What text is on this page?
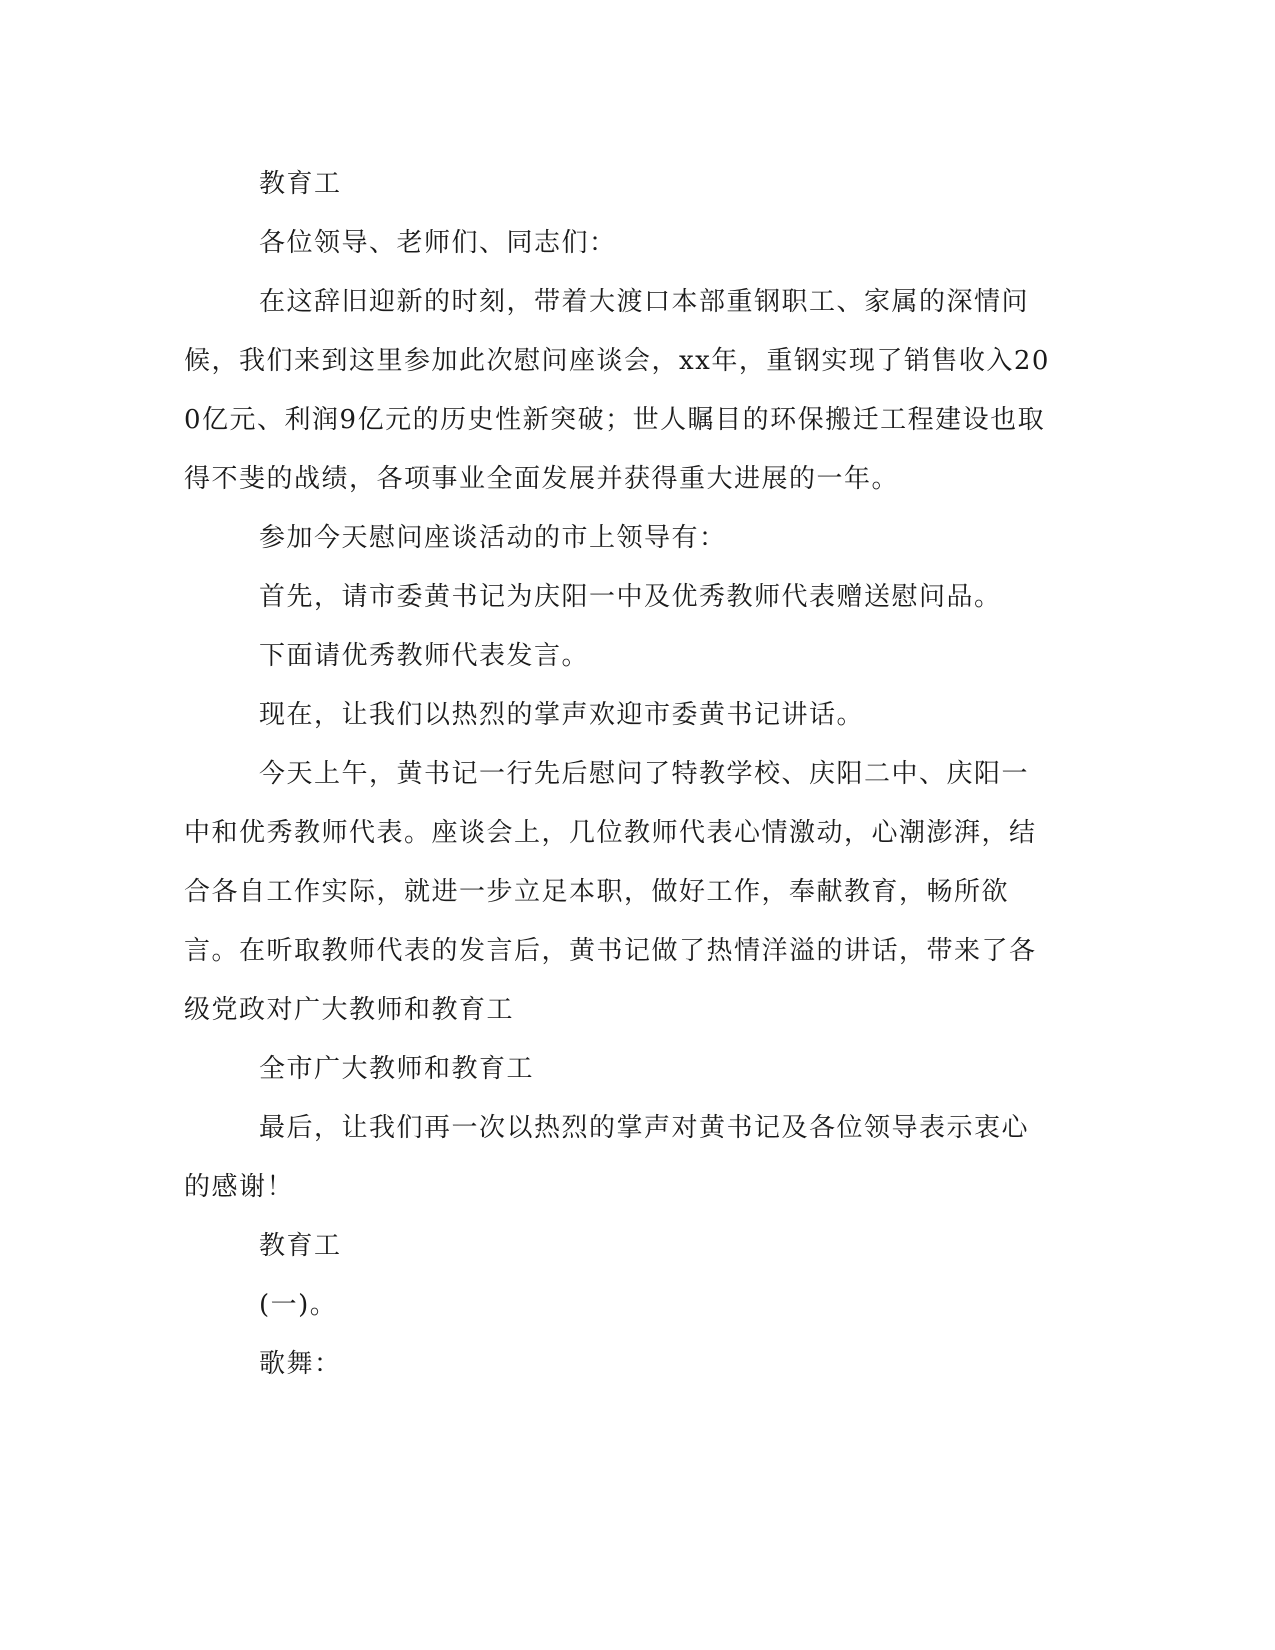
教育工

各位领导、老师们、同志们：

在这辞旧迎新的时刻，带着大渡口本部重钢职工、家属的深情问候，我们来到这里参加此次慰问座谈会，xx年，重钢实现了销售收入200亿元、利润9亿元的历史性新突破；世人瞩目的环保搬迁工程建设也取得不斐的战绩，各项事业全面发展并获得重大进展的一年。

参加今天慰问座谈活动的市上领导有：

首先，请市委黄书记为庆阳一中及优秀教师代表赠送慰问品。

下面请优秀教师代表发言。

现在，让我们以热烈的掌声欢迎市委黄书记讲话。

今天上午，黄书记一行先后慰问了特教学校、庆阳二中、庆阳一中和优秀教师代表。座谈会上，几位教师代表心情激动，心潮澎湃，结合各自工作实际，就进一步立足本职，做好工作，奉献教育，畅所欲言。在听取教师代表的发言后，黄书记做了热情洋溢的讲话，带来了各级党政对广大教师和教育工

全市广大教师和教育工

最后，让我们再一次以热烈的掌声对黄书记及各位领导表示衷心的感谢！

教育工

(一)。

歌舞：
